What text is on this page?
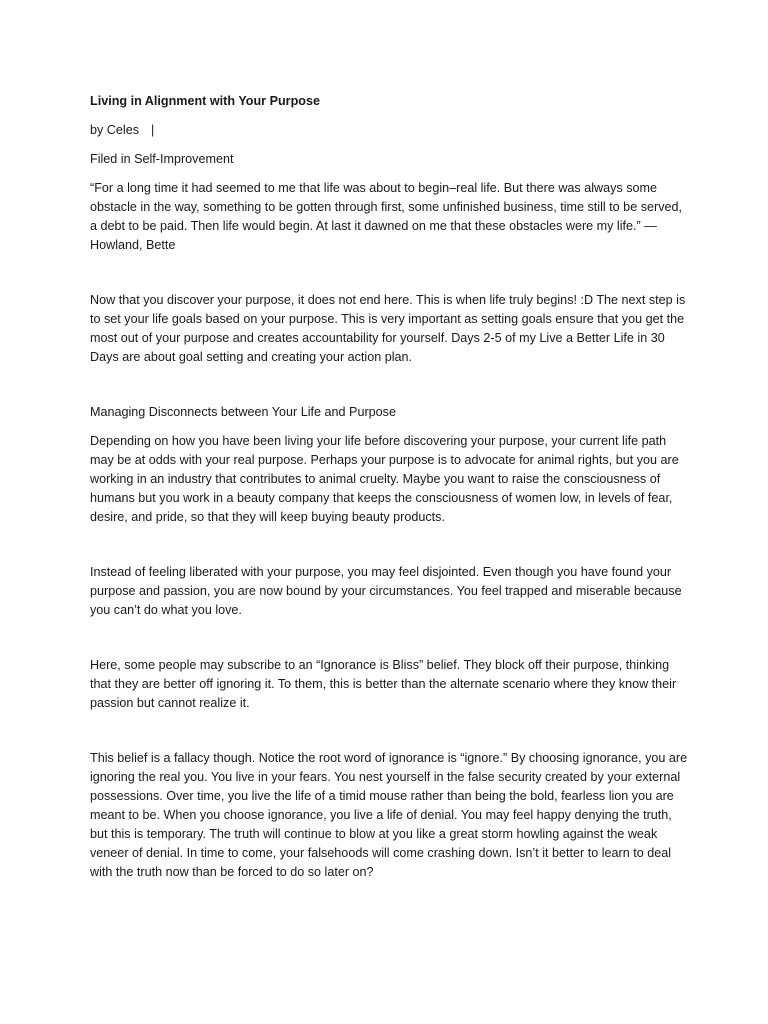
Living in Alignment with Your Purpose
by Celes |
Filed in Self-Improvement

“For a long time it had seemed to me that life was about to begin–real life. But there was always some obstacle in the way, something to be gotten through first, some unfinished business, time still to be served, a debt to be paid. Then life would begin. At last it dawned on me that these obstacles were my life.” — Howland, Bette

Now that you discover your purpose, it does not end here. This is when life truly begins! :D The next step is to set your life goals based on your purpose. This is very important as setting goals ensure that you get the most out of your purpose and creates accountability for yourself. Days 2-5 of my Live a Better Life in 30 Days are about goal setting and creating your action plan.

Managing Disconnects between Your Life and Purpose

Depending on how you have been living your life before discovering your purpose, your current life path may be at odds with your real purpose. Perhaps your purpose is to advocate for animal rights, but you are working in an industry that contributes to animal cruelty. Maybe you want to raise the consciousness of humans but you work in a beauty company that keeps the consciousness of women low, in levels of fear, desire, and pride, so that they will keep buying beauty products.

Instead of feeling liberated with your purpose, you may feel disjointed. Even though you have found your purpose and passion, you are now bound by your circumstances. You feel trapped and miserable because you can’t do what you love.

Here, some people may subscribe to an “Ignorance is Bliss” belief. They block off their purpose, thinking that they are better off ignoring it. To them, this is better than the alternate scenario where they know their passion but cannot realize it.

This belief is a fallacy though. Notice the root word of ignorance is “ignore.” By choosing ignorance, you are ignoring the real you. You live in your fears. You nest yourself in the false security created by your external possessions. Over time, you live the life of a timid mouse rather than being the bold, fearless lion you are meant to be. When you choose ignorance, you live a life of denial. You may feel happy denying the truth, but this is temporary. The truth will continue to blow at you like a great storm howling against the weak veneer of denial. In time to come, your falsehoods will come crashing down. Isn’t it better to learn to deal with the truth now than be forced to do so later on?
